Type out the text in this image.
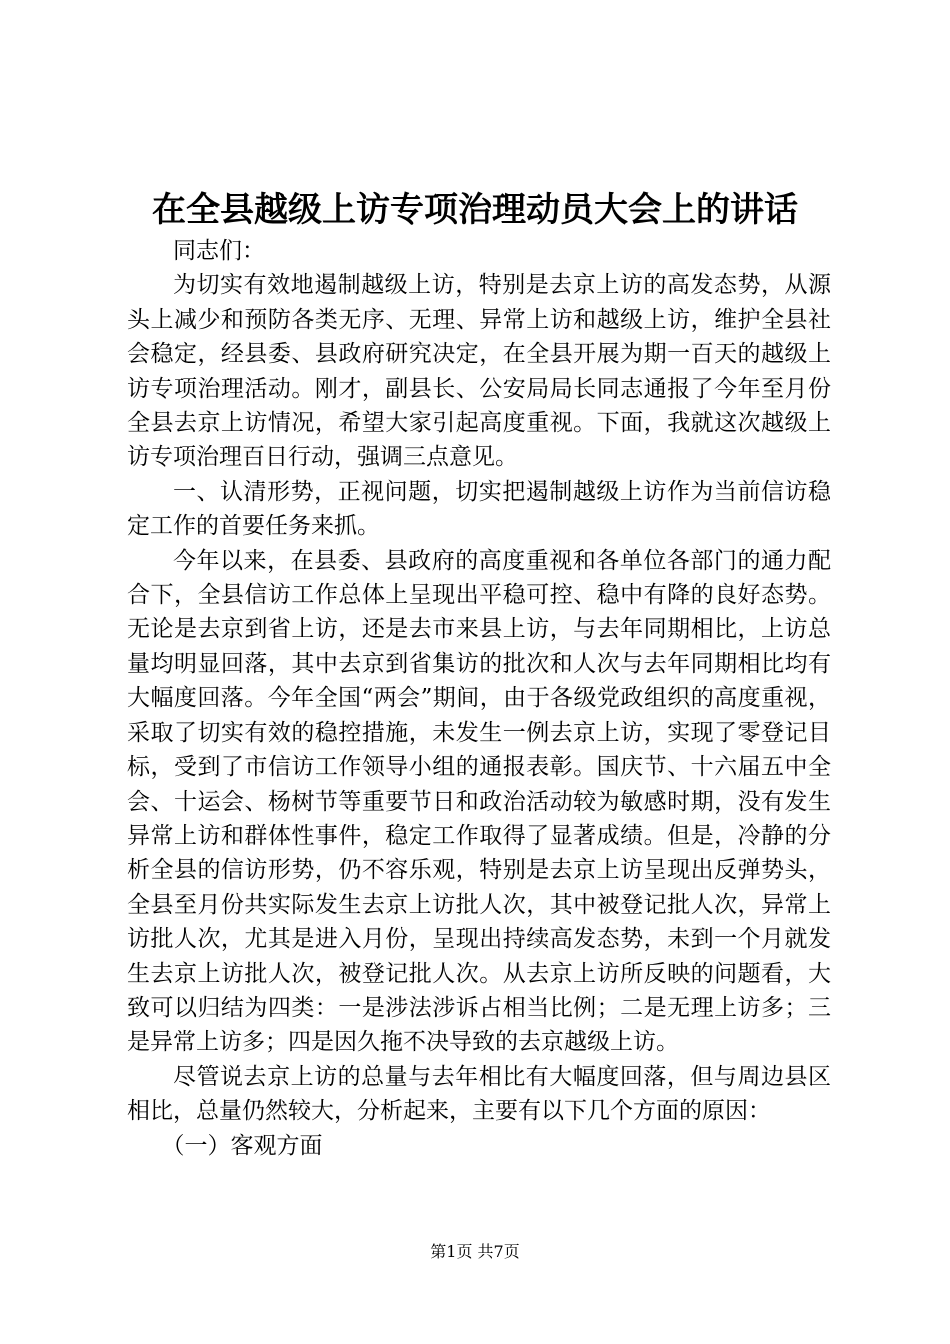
在全县越级上访专项治理动员大会上的讲话

同志们：

为切实有效地遏制越级上访，特别是去京上访的高发态势，从源头上减少和预防各类无序、无理、异常上访和越级上访，维护全县社会稳定，经县委、县政府研究决定，在全县开展为期一百天的越级上访专项治理活动。刚才，副县长、公安局局长同志通报了今年至月份全县去京上访情况，希望大家引起高度重视。下面，我就这次越级上访专项治理百日行动，强调三点意见。

一、认清形势，正视问题，切实把遏制越级上访作为当前信访稳定工作的首要任务来抓。

今年以来，在县委、县政府的高度重视和各单位各部门的通力配合下，全县信访工作总体上呈现出平稳可控、稳中有降的良好态势。无论是去京到省上访，还是去市来县上访，与去年同期相比，上访总量均明显回落，其中去京到省集访的批次和人次与去年同期相比均有大幅度回落。今年全国“两会”期间，由于各级党政组织的高度重视，采取了切实有效的稳控措施，未发生一例去京上访，实现了零登记目标，受到了市信访工作领导小组的通报表彰。国庆节、十六届五中全会、十运会、杨树节等重要节日和政治活动较为敏感时期，没有发生异常上访和群体性事件，稳定工作取得了显著成绩。但是，冷静的分析全县的信访形势，仍不容乐观，特别是去京上访呈现出反弹势头，全县至月份共实际发生去京上访批人次，其中被登记批人次，异常上访批人次，尤其是进入月份，呈现出持续高发态势，未到一个月就发生去京上访批人次，被登记批人次。从去京上访所反映的问题看，大致可以归结为四类：一是涉法涉诉占相当比例；二是无理上访多；三是异常上访多；四是因久拖不决导致的去京越级上访。

尽管说去京上访的总量与去年相比有大幅度回落，但与周边县区相比，总量仍然较大，分析起来，主要有以下几个方面的原因：

（一）客观方面

第1页 共7页
